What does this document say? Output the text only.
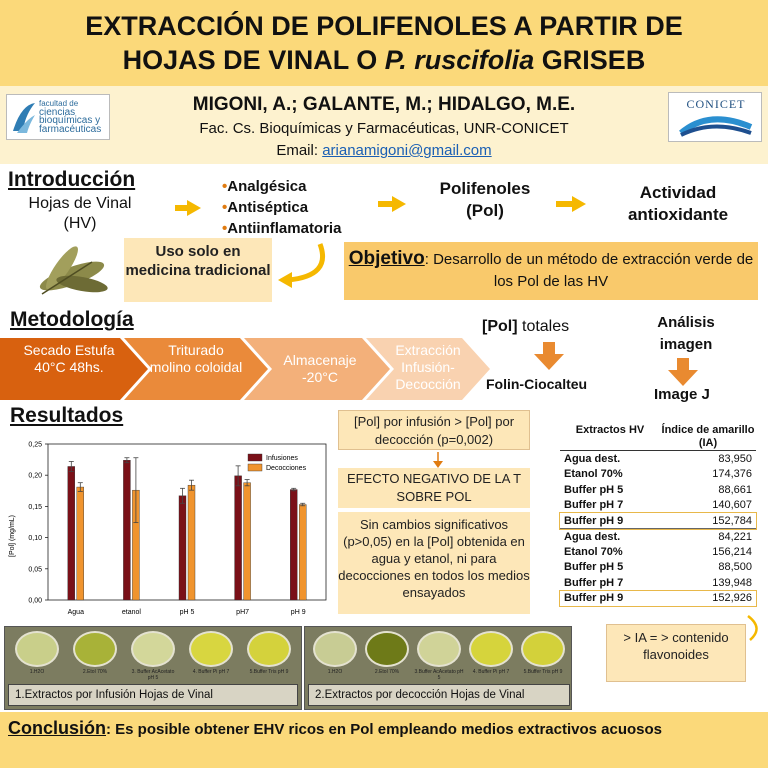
EXTRACCIÓN DE POLIFENOLES A PARTIR DE
HOJAS DE VINAL O P. ruscifolia GRISEB
facultad de
ciencias
bioquímicas y
farmacéuticas
MIGONI, A.; GALANTE, M.; HIDALGO, M.E.
Fac. Cs. Bioquímicas y Farmacéuticas, UNR-CONICET
Email: arianamigoni@gmail.com
CONICET
Introducción
Hojas de Vinal (HV)
•Analgésica
•Antiséptica
•Antiinflamatoria
Polifenoles (Pol)
Actividad antioxidante
Uso solo en medicina tradicional
Objetivo: Desarrollo de un método de extracción verde de los Pol de las HV
Metodología
Secado Estufa 40°C 48hs.
Triturado molino coloidal	Almacenaje -20°C
Extracción Infusión- Decocción
[Pol] totales
Folin-Ciocalteu
Análisis imagen
Image J
Resultados
[Pol] (mg/mL)
0,00
0,05
0,10
0,15
0,20
0,25
Agua	etanol	pH 5	pH7	pH 9
Infusiones
Decocciones
[Pol] por infusión > [Pol] por decocción (p=0,002)
EFECTO NEGATIVO DE LA T SOBRE POL
Sin cambios significativos (p>0,05) en la [Pol] obtenida en agua y etanol, ni para decocciones en todos los medios ensayados
Extractos HV	Índice de amarillo (IA)
Agua dest.	83,950
Etanol 70%	174,376
Buffer pH 5	88,661
Buffer pH 7	140,607
Buffer pH 9	152,784
Agua dest.	84,221
Etanol 70%	156,214
Buffer pH 5	88,500
Buffer pH 7	139,948
Buffer pH 9	152,926
> IA = > contenido flavonoides
1.H2O	2.Etol 70%	3. Buffer AcAcetato pH 5
4. Buffer Pi pH 7	5.Buffer Tris pH 9
1.Extractos por Infusión Hojas de Vinal
1.H2O	2.Etol 70%	3.Buffer AcAcetato pH 5
4. Buffer Pi pH 7	5.Buffer Tris pH 9
2.Extractos por decocción Hojas de Vinal
Conclusión: Es posible obtener EHV ricos en Pol empleando medios extractivos acuosos
